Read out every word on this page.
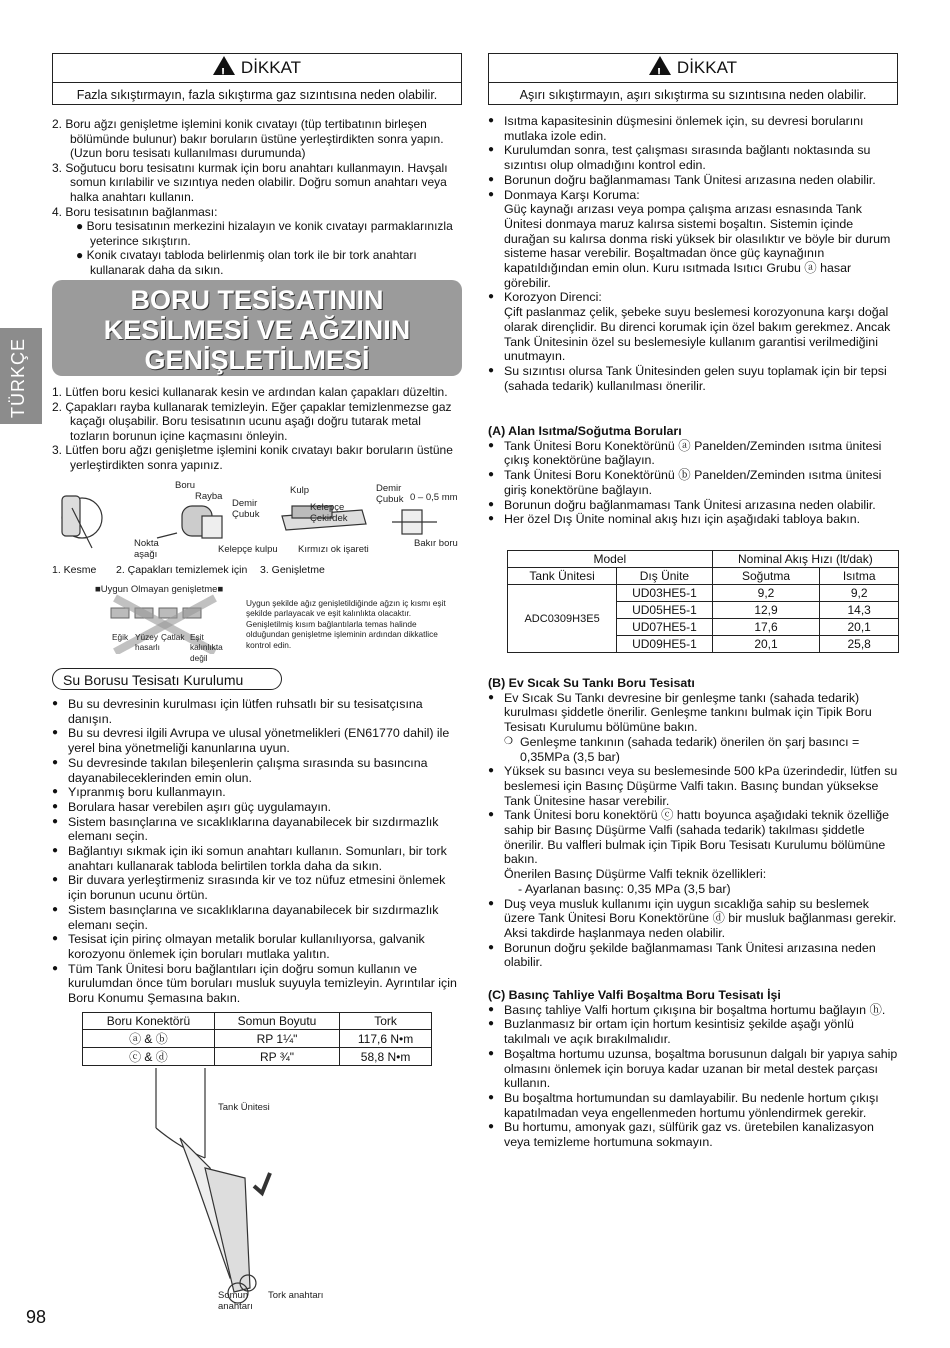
!DİKKAT
Fazla sıkıştırmayın, fazla sıkıştırma gaz sızıntısına neden olabilir.
!DİKKAT
Aşırı sıkıştırmayın, aşırı sıkıştırma su sızıntısına neden olabilir.
TÜRKÇE
2. Boru ağzı genişletme işlemini konik cıvatayı (tüp tertibatının birleşen bölümünde bulunur) bakır boruların üstüne yerleştirdikten sonra yapın. (Uzun boru tesisatı kullanılması durumunda)
3. Soğutucu boru tesisatını kurmak için boru anahtarı kullanmayın. Havşalı somun kırılabilir ve sızıntıya neden olabilir. Doğru somun anahtarı veya halka anahtarı kullanın.
4. Boru tesisatının bağlanması:
● Boru tesisatının merkezini hizalayın ve konik cıvatayı parmaklarınızla yeterince sıkıştırın.
● Konik cıvatayı tabloda belirlenmiş olan tork ile bir tork anahtarı kullanarak daha da sıkın.
BORU TESİSATININ
KESİLMESİ VE AĞZININ
GENİŞLETİLMESİ
1. Lütfen boru kesici kullanarak kesin ve ardından kalan çapakları düzeltin.
2. Çapakları rayba kullanarak temizleyin. Eğer çapaklar temizlenmezse gaz kaçağı oluşabilir. Boru tesisatının ucunu aşağı doğru tutarak metal tozların borunun içine kaçmasını önleyin.
3. Lütfen boru ağzı genişletme işlemini konik cıvatayı bakır boruların üstüne yerleştirdikten sonra yapınız.
Boru
Rayba
Demir Çubuk
Kulp
Kelepçe Çekirdek
Demir Çubuk 0 – 0,5 mm
Nokta aşağı	Kelepçe kulpu Kırmızı ok işareti
Bakır boru
1. Kesme 2. Çapakları temizlemek için 3. Genişletme
■Uygun Olmayan genişletme■
Eğik Yüzey hasarlı
Çatlak Eşit kalınlıkta değil
Uygun şekilde ağız genişletildiğinde ağzın iç kısmı eşit şekilde parlayacak ve eşit kalınlıkta olacaktır. Genişletilmiş kısım bağlantılarla temas halinde olduğundan genişletme işleminin ardından dikkatlice kontrol edin.
Su Borusu Tesisatı Kurulumu
● Bu su devresinin kurulması için lütfen ruhsatlı bir su tesisatçısına danışın.
● Bu su devresi ilgili Avrupa ve ulusal yönetmelikleri (EN61770 dahil) ile yerel bina yönetmeliği kanunlarına uyun.
● Su devresinde takılan bileşenlerin çalışma sırasında su basıncına dayanabileceklerinden emin olun.
● Yıpranmış boru kullanmayın.
● Borulara hasar verebilen aşırı güç uygulamayın.
● Sistem basınçlarına ve sıcaklıklarına dayanabilecek bir sızdırmazlık elemanı seçin.
● Bağlantıyı sıkmak için iki somun anahtarı kullanın. Somunları, bir tork anahtarı kullanarak tabloda belirtilen torkla daha da sıkın.
● Bir duvara yerleştirmeniz sırasında kir ve toz nüfuz etmesini önlemek için borunun ucunu örtün.
● Sistem basınçlarına ve sıcaklıklarına dayanabilecek bir sızdırmazlık elemanı seçin.
● Tesisat için pirinç olmayan metalik borular kullanılıyorsa, galvanik korozyonu önlemek için boruları mutlaka yalıtın.
● Tüm Tank Ünitesi boru bağlantıları için doğru somun kullanın ve kurulumdan önce tüm boruları musluk suyuyla temizleyin. Ayrıntılar için Boru Konumu Şemasına bakın.
Boru Konektörü	Somun Boyutu	Tork
ⓐ & ⓑ	RP 1¼"	117,6 N•m
ⓒ & ⓓ	RP ¾"	58,8 N•m
Tank Ünitesi
Somun anahtarı
Tork anahtarı
● Isıtma kapasitesinin düşmesini önlemek için, su devresi borularını mutlaka izole edin.
● Kurulumdan sonra, test çalışması sırasında bağlantı noktasında su sızıntısı olup olmadığını kontrol edin.
● Borunun doğru bağlanmaması Tank Ünitesi arızasına neden olabilir.
● Donmaya Karşı Koruma:
Güç kaynağı arızası veya pompa çalışma arızası esnasında Tank Ünitesi donmaya maruz kalırsa sistemi boşaltın. Sistemin içinde durağan su kalırsa donma riski yüksek bir olasılıktır ve böyle bir durum sisteme hasar verebilir. Boşaltmadan önce güç kaynağının kapatıldığından emin olun. Kuru ısıtmada Isıtıcı Grubu ⓐ hasar görebilir.
● Korozyon Direnci:
Çift paslanmaz çelik, şebeke suyu beslemesi korozyonuna karşı doğal olarak dirençlidir. Bu direnci korumak için özel bakım gerekmez. Ancak Tank Ünitesinin özel su beslemesiyle kullanım garantisi verilmediğini unutmayın.
● Su sızıntısı olursa Tank Ünitesinden gelen suyu toplamak için bir tepsi (sahada tedarik) kullanılması önerilir.
(A) Alan Isıtma/Soğutma Boruları
● Tank Ünitesi Boru Konektörünü ⓐ Panelden/Zeminden ısıtma ünitesi çıkış konektörüne bağlayın.
● Tank Ünitesi Boru Konektörünü ⓑ Panelden/Zeminden ısıtma ünitesi giriş konektörüne bağlayın.
● Borunun doğru bağlanmaması Tank Ünitesi arızasına neden olabilir.
● Her özel Dış Ünite nominal akış hızı için aşağıdaki tabloya bakın.
Model		Nominal Akış Hızı (lt/dak)	
Tank Ünitesi	Dış Ünite	Soğutma	Isıtma
ADC0309H3E5	UD03HE5-1	9,2	9,2
	UD05HE5-1	12,9	14,3
	UD07HE5-1	17,6	20,1
	UD09HE5-1	20,1	25,8
(B) Ev Sıcak Su Tankı Boru Tesisatı
● Ev Sıcak Su Tankı devresine bir genleşme tankı (sahada tedarik) kurulması şiddetle önerilir. Genleşme tankını bulmak için Tipik Boru Tesisatı Kurulumu bölümüne bakın.
❍ Genleşme tankının (sahada tedarik) önerilen ön şarj basıncı = 0,35MPa (3,5 bar)
● Yüksek su basıncı veya su beslemesinde 500 kPa üzerindedir, lütfen su beslemesi için Basınç Düşürme Valfi takın. Basınç bundan yüksekse Tank Ünitesine hasar verebilir.
● Tank Ünitesi boru konektörü ⓒ hattı boyunca aşağıdaki teknik özelliğe sahip bir Basınç Düşürme Valfi (sahada tedarik) takılması şiddetle önerilir. Bu valfleri bulmak için Tipik Boru Tesisatı Kurulumu bölümüne bakın.
Önerilen Basınç Düşürme Valfi teknik özellikleri:
- Ayarlanan basınç: 0,35 MPa (3,5 bar)
● Duş veya musluk kullanımı için uygun sıcaklığa sahip su beslemek üzere Tank Ünitesi Boru Konektörüne ⓓ bir musluk bağlanması gerekir. Aksi takdirde haşlanmaya neden olabilir.
● Borunun doğru şekilde bağlanmaması Tank Ünitesi arızasına neden olabilir.
(C) Basınç Tahliye Valfi Boşaltma Boru Tesisatı İşi
● Basınç tahliye Valfi hortum çıkışına bir boşaltma hortumu bağlayın ⓗ.
● Buzlanmasız bir ortam için hortum kesintisiz şekilde aşağı yönlü takılmalı ve açık bırakılmalıdır.
● Boşaltma hortumu uzunsa, boşaltma borusunun dalgalı bir yapıya sahip olmasını önlemek için boruya kadar uzanan bir metal destek parçası kullanın.
● Bu boşaltma hortumundan su damlayabilir. Bu nedenle hortum çıkışı kapatılmadan veya engellenmeden hortumu yönlendirmek gerekir.
● Bu hortumu, amonyak gazı, sülfürik gaz vs. üretebilen kanalizasyon veya temizleme hortumuna sokmayın.
98
